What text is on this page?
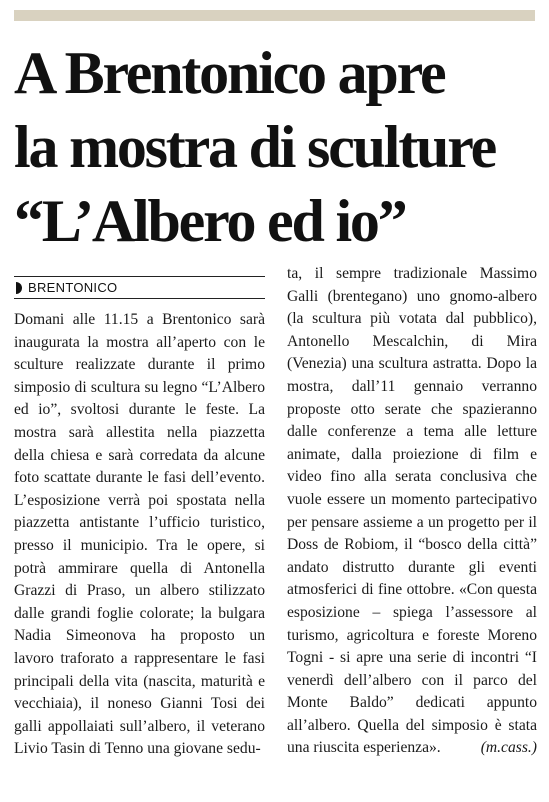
A Brentonico apre
la mostra di sculture
“L’Albero ed io”
BRENTONICO

Domani alle 11.15 a Brentonico sarà inaugurata la mostra all’aperto con le sculture realizzate durante il primo simposio di scultura su legno “L’Albero ed io”, svoltosi durante le feste. La mostra sarà allestita nella piazzetta della chiesa e sarà corredata da alcune foto scattate durante le fasi dell’evento. L’esposizione verrà poi spostata nella piazzetta antistante l’ufficio turistico, presso il municipio. Tra le opere, si potrà ammirare quella di Antonella Grazzi di Praso, un albero stilizzato dalle grandi foglie colorate; la bulgara Nadia Simeonova ha proposto un lavoro traforato a rappresentare le fasi principali della vita (nascita, maturità e vecchiaia), il noneso Gianni Tosi dei galli appollaiati sull’albero, il veterano Livio Tasin di Tenno una giovane sedu-

ta, il sempre tradizionale Massimo Galli (brentegano) uno gnomo-albero (la scultura più votata dal pubblico), Antonello Mescalchin, di Mira (Venezia) una scultura astratta. Dopo la mostra, dall’11 gennaio verranno proposte otto serate che spazieranno dalle conferenze a tema alle letture animate, dalla proiezione di film e video fino alla serata conclusiva che vuole essere un momento partecipativo per pensare assieme a un progetto per il Doss de Robiom, il “bosco della città” andato distrutto durante gli eventi atmosferici di fine ottobre. «Con questa esposizione – spiega l’assessore al turismo, agricoltura e foreste Moreno Togni - si apre una serie di incontri “I venerdì dell’albero con il parco del Monte Baldo” dedicati appunto all’albero. Quella del simposio è stata una riuscita esperienza».	(m.cass.)
